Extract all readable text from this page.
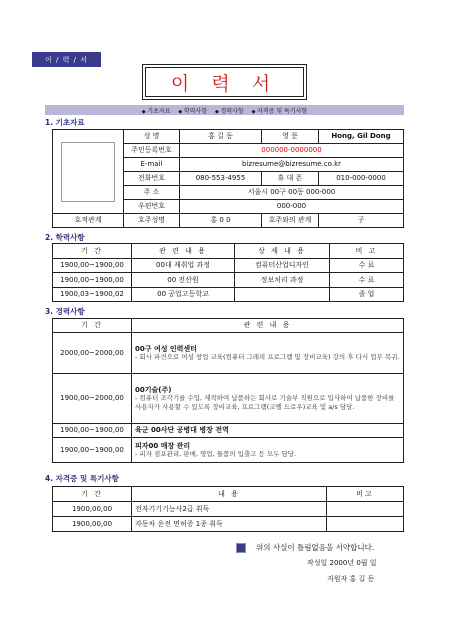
이 / 력 / 서
이 력 서
◆ 기초자료	◆ 학력사항	◆ 경력사항	◆ 자격증 및 특기사항
1. 기초자료
	성 명	홍 길 동	영 문	Hong, Gil Dong
	주민등록번호	000000-0000000		
	E-mail	bizresume@bizresume.co.kr		
	전화번호	080-553-4955	휴 대 폰	010-000-0000
	주 소	서울시 00구 00동 000-000		
	우편번호	000-000		
호적관계	호주성명	홍 0 0	호주와의 관계	子
2. 학력사항
기 간	관 련 내 용	상 세 내 용	비 고
1900,00~1900,00	00대 재취업 과정	컴퓨터산업디자인	수 료
1900,00~1900,00	00 전산원	정보처리 과정	수 료
1900,03~1900,02	00 공업고등학교		졸 업
3. 경력사항
기 간	관 련 내 용
2000,00~2000,00	00구 여성 인력센터
- 회사 파견으로 여성 창업 교육(컴퓨터 그래픽 프로그램 및 장비교육) 강의 후 다시 업무 복귀.

1900,00~2000,00	00기술(주)
- 컴퓨터 조각기를 수입, 제작하여 납품하는 회사로 기술부 직원으로 입사하여 납품한 장비를 사용자가 사용할 수 있도록 장비교육, 프로그램(코렐 드로우)교육 및 a/s 담당.

1900,00~1900,00	육군 00사단 공병대 병장 전역

1900,00~1900,00	피자00 매장 관리
- 피자 점포관리, 판매, 영업, 물품의 입출고 등 모두 담당.
4. 자격증 및 특기사항
기 간	내 용	비고
1900,00,00	전자기기기능사2급 취득	
1900,00,00	자동차 운전 면허증 1종 취득	
위의 사실이 틀림없음을 서약합니다.
작성일 2000년 0월 일
지원자 홍 길 동
